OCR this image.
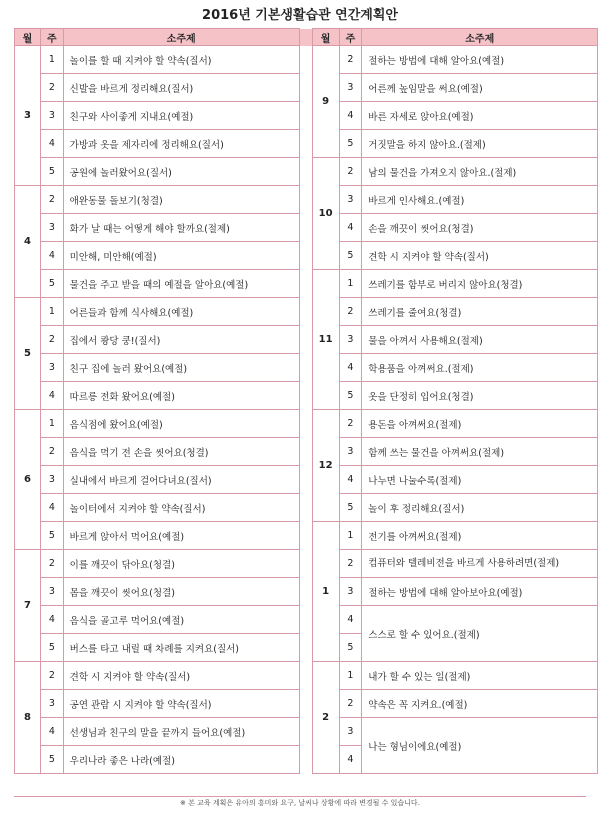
2016년 기본생활습관 연간계획안
월	주	소주제		월	주	소주제
3	1	놀이를 할 때 지켜야 할 약속(질서)		9	2	절하는 방법에 대해 알아요(예절)
	2	신발을 바르게 정리해요(질서)			3	어른께 높임말을 써요(예절)
	3	친구와 사이좋게 지내요(예절)			4	바른 자세로 앉아요(예절)
	4	가방과 옷을 제자리에 정리해요(질서)			5	거짓말을 하지 않아요.(절제)
	5	공원에 놀러왔어요(질서)		10	2	남의 물건을 가져오지 않아요.(절제)
4	2	애완동물 돌보기(청결)			3	바르게 인사해요.(예절)
	3	화가 날 때는 어떻게 해야 할까요(절제)			4	손을 깨끗이 씻어요(청결)
	4	미안해, 미안해(예절)			5	견학 시 지켜야 할 약속(질서)
	5	물건을 주고 받을 때의 예절을 알아요(예절)		11	1	쓰레기를 함부로 버리지 않아요(청결)
5	1	어른들과 함께 식사해요(예절)			2	쓰레기를 줄여요(청결)
	2	집에서 쾅당 쿵!(질서)			3	물을 아껴서 사용해요(절제)
	3	친구 집에 놀러 왔어요(예절)			4	학용품을 아껴써요.(절제)
	4	따르릉 전화 왔어요(예절)			5	옷을 단정히 입어요(청결)
6	1	음식점에 왔어요(예절)		12	2	용돈을 아껴써요(절제)
	2	음식을 먹기 전 손을 씻어요(청결)			3	함께 쓰는 물건을 아껴써요(절제)
	3	실내에서 바르게 걸어다녀요(질서)			4	나누면 나눌수록(절제)
	4	놀이터에서 지켜야 할 약속(질서)			5	놀이 후 정리해요(질서)
	5	바르게 앉아서 먹어요(예절)		1	1	전기를 아껴써요(절제)
7	2	이를 깨끗이 닦아요(청결)			2	컴퓨터와 텔레비전을 바르게 사용하려면(절제)
	3	몸을 깨끗이 씻어요(청결)			3	절하는 방법에 대해 알아보아요(예절)
	4	음식을 골고루 먹어요(예절)			4	스스로 할 수 있어요.(절제)
	5	버스를 타고 내릴 때 차례를 지켜요(질서)			5	
8	2	견학 시 지켜야 할 약속(질서)		2	1	내가 할 수 있는 일(절제)
	3	공연 관람 시 지켜야 할 약속(질서)			2	약속은 꼭 지켜요.(예절)
	4	선생님과 친구의 말을 끝까지 들어요(예절)			3	나는 형님이에요(예절)
	5	우리나라 좋은 나라(예절)			4	
※ 본 교육 계획은 유아의 흥미와 요구, 날씨나 상황에 따라 변경될 수 있습니다.
